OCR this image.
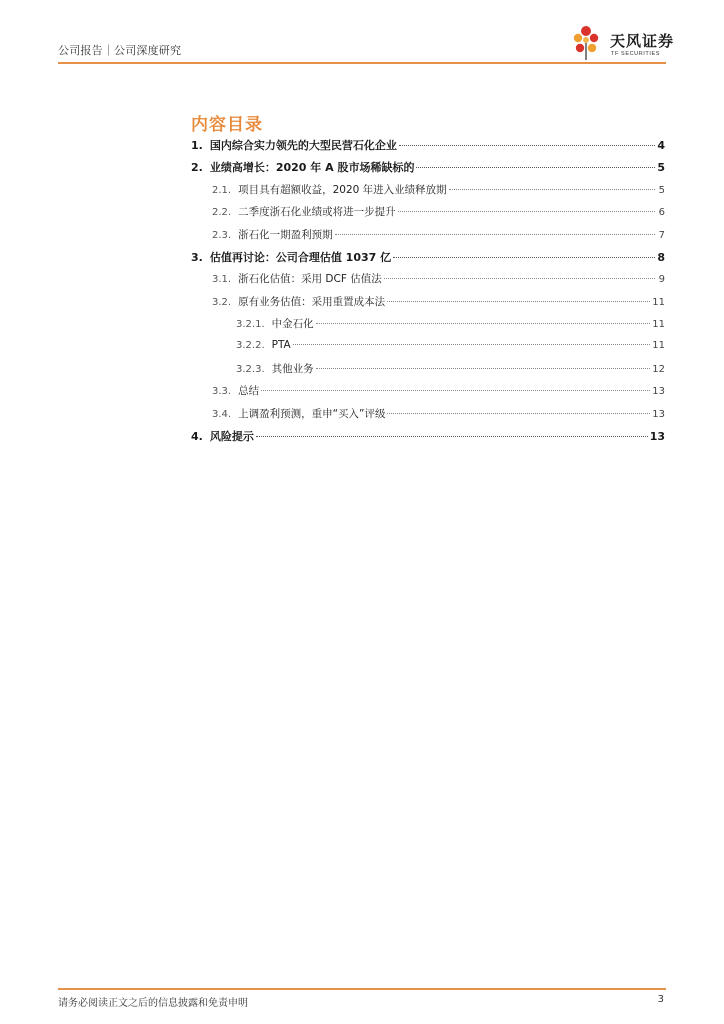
公司报告｜公司深度研究
天风证券
TF SECURITIES
内容目录
1. 国内综合实力领先的大型民营石化企业	4
2. 业绩高增长：2020 年 A 股市场稀缺标的	5
2.1. 项目具有超额收益，2020 年进入业绩释放期	5
2.2. 二季度浙石化业绩或将进一步提升	6
2.3. 浙石化一期盈利预期	7
3. 估值再讨论：公司合理估值 1037 亿	8
3.1. 浙石化估值：采用 DCF 估值法	9
3.2. 原有业务估值：采用重置成本法	11
3.2.1. 中金石化	11
3.2.2. PTA	11
3.2.3. 其他业务	12
3.3. 总结	13
3.4. 上调盈利预测，重申“买入”评级	13
4. 风险提示	13
请务必阅读正文之后的信息披露和免责申明	3
